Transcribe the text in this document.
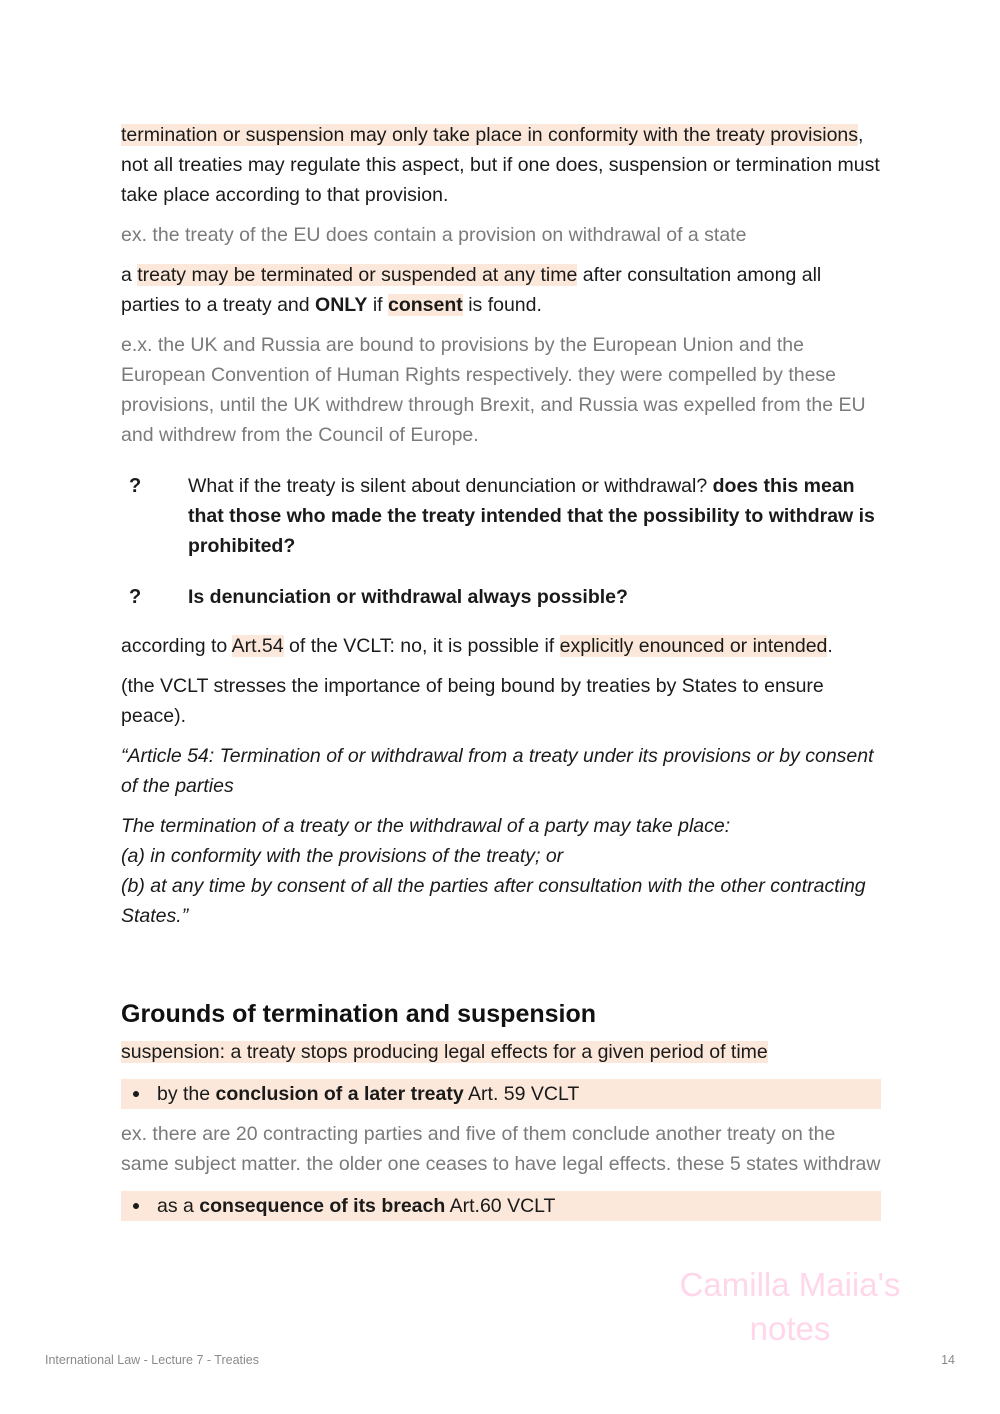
termination or suspension may only take place in conformity with the treaty provisions, not all treaties may regulate this aspect, but if one does, suspension or termination must take place according to that provision.

ex. the treaty of the EU does contain a provision on withdrawal of a state

a treaty may be terminated or suspended at any time after consultation among all parties to a treaty and ONLY if consent is found.

e.x. the UK and Russia are bound to provisions by the European Union and the European Convention of Human Rights respectively. they were compelled by these provisions, until the UK withdrew through Brexit, and Russia was expelled from the EU and withdrew from the Council of Europe.

? What if the treaty is silent about denunciation or withdrawal? does this mean that those who made the treaty intended that the possibility to withdraw is prohibited?
? Is denunciation or withdrawal always possible?

according to Art.54 of the VCLT: no, it is possible if explicitly enounced or intended.

(the VCLT stresses the importance of being bound by treaties by States to ensure peace).

“Article 54: Termination of or withdrawal from a treaty under its provisions or by consent of the parties

The termination of a treaty or the withdrawal of a party may take place:
(a) in conformity with the provisions of the treaty; or
(b) at any time by consent of all the parties after consultation with the other contracting States.”

Grounds of termination and suspension

suspension: a treaty stops producing legal effects for a given period of time

by the conclusion of a later treaty Art. 59 VCLT

ex. there are 20 contracting parties and five of them conclude another treaty on the same subject matter. the older one ceases to have legal effects. these 5 states withdraw

as a consequence of its breach Art.60 VCLT
Camilla Maiia's notes
International Law - Lecture 7 - Treaties	14
